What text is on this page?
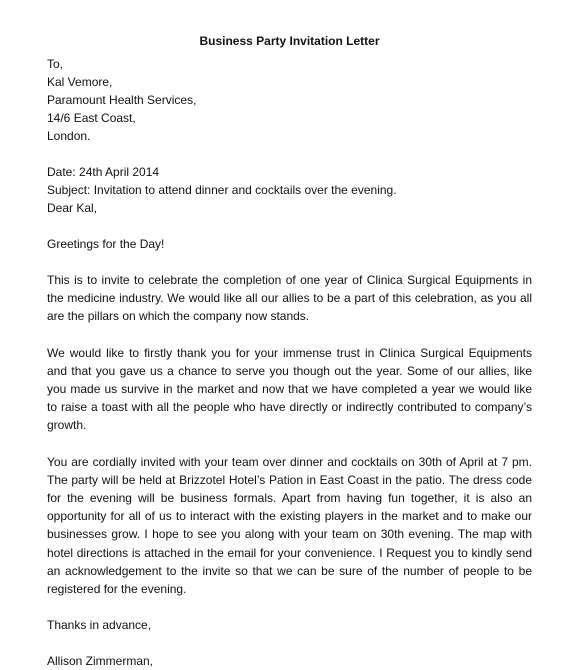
Business Party Invitation Letter
To,
Kal Vemore,
Paramount Health Services,
14/6 East Coast,
London.
Date: 24th April 2014
Subject: Invitation to attend dinner and cocktails over the evening.
Dear Kal,
Greetings for the Day!

This is to invite to celebrate the completion of one year of Clinica Surgical Equipments in the medicine industry. We would like all our allies to be a part of this celebration, as you all are the pillars on which the company now stands.

We would like to firstly thank you for your immense trust in Clinica Surgical Equipments and that you gave us a chance to serve you though out the year. Some of our allies, like you made us survive in the market and now that we have completed a year we would like to raise a toast with all the people who have directly or indirectly contributed to company’s growth.

You are cordially invited with your team over dinner and cocktails on 30th of April at 7 pm. The party will be held at Brizzotel Hotel’s Pation in East Coast in the patio. The dress code for the evening will be business formals. Apart from having fun together, it is also an opportunity for all of us to interact with the existing players in the market and to make our businesses grow. I hope to see you along with your team on 30th evening. The map with hotel directions is attached in the email for your convenience. I Request you to kindly send an acknowledgement to the invite so that we can be sure of the number of people to be registered for the evening.

Thanks in advance,
Allison Zimmerman,
